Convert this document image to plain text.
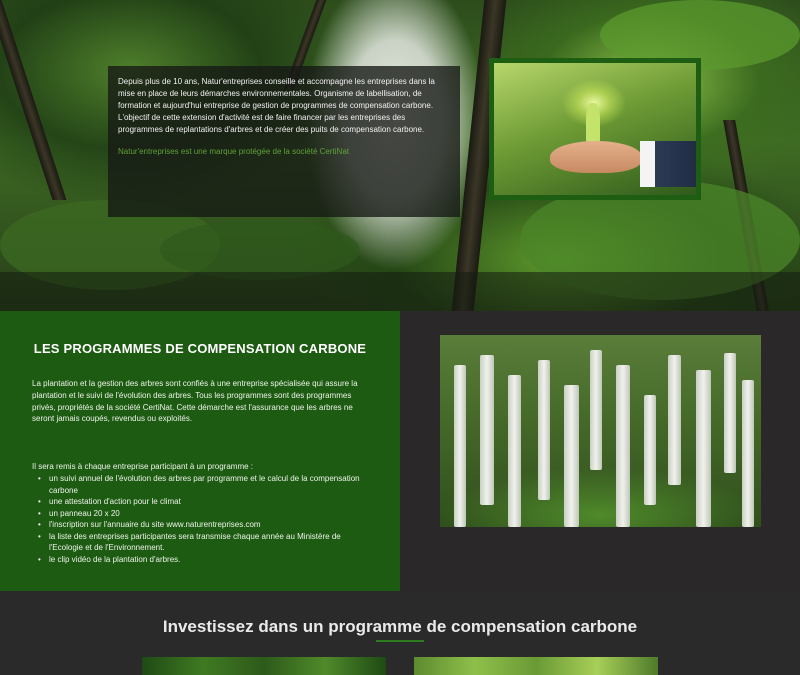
Depuis plus de 10 ans, Natur'entreprises conseille et accompagne les entreprises dans la mise en place de leurs démarches environnementales. Organisme de labellisation, de formation et aujourd'hui entreprise de gestion de programmes de compensation carbone.

L'objectif de cette extension d'activité est de faire financer par les entreprises des programmes de replantations d'arbres et de créer des puits de compensation carbone.

Natur'entreprises est une marque protégée de la société CertiNat

LES PROGRAMMES DE COMPENSATION CARBONE

La plantation et la gestion des arbres sont confiés à une entreprise spécialisée qui assure la plantation et le suivi de l'évolution des arbres. Tous les programmes sont des programmes privés, propriétés de la société CertiNat. Cette démarche est l'assurance que les arbres ne seront jamais coupés, revendus ou exploités.

Il sera remis à chaque entreprise participant à un programme :

• un suivi annuel de l'évolution des arbres par programme et le calcul de la compensation carbone
• une attestation d'action pour le climat
• un panneau 20 x 20
• l'inscription sur l'annuaire du site www.naturentreprises.com
• la liste des entreprises participantes sera transmise chaque année au Ministère de l'Ecologie et de l'Environnement.
• le clip vidéo de la plantation d'arbres.
Investissez dans un programme de compensation carbone
